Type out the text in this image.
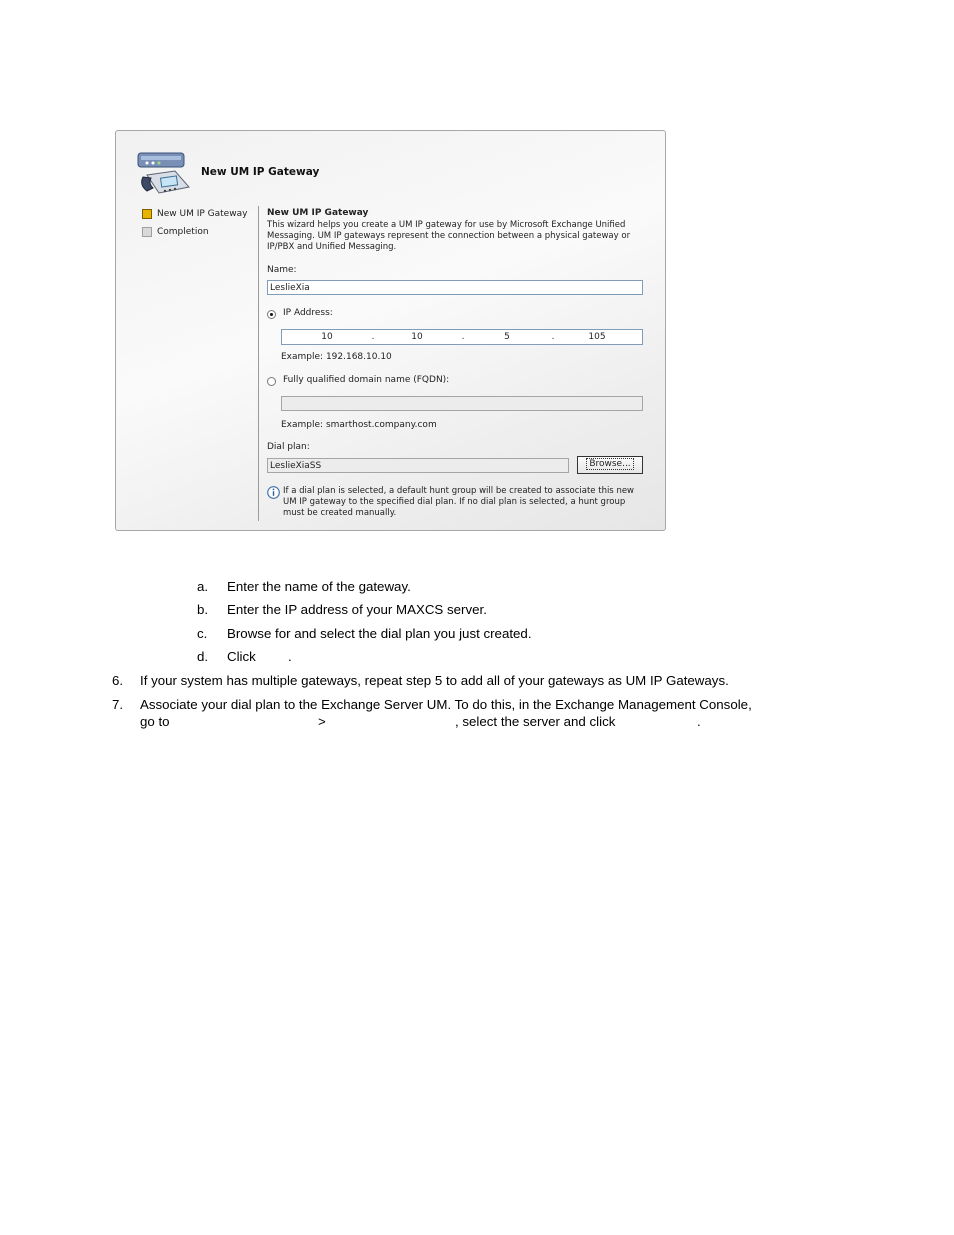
New UM IP Gateway
New UM IP Gateway
Completion
New UM IP Gateway
This wizard helps you create a UM IP gateway for use by Microsoft Exchange Unified Messaging. UM IP gateways represent the connection between a physical gateway or IP/PBX and Unified Messaging.
Name:
LeslieXia
IP Address:
10	.	10	.	5	.	105
Example: 192.168.10.10
Fully qualified domain name (FQDN):
Example: smarthost.company.com
Dial plan:
LeslieXiaSS	Browse...
If a dial plan is selected, a default hunt group will be created to associate this new UM IP gateway to the specified dial plan. If no dial plan is selected, a hunt group must be created manually.
a. Enter the name of the gateway.
b. Enter the IP address of your MAXCS server.
c. Browse for and select the dial plan you just created.
d. Click .
6. If your system has multiple gateways, repeat step 5 to add all of your gateways as UM IP Gateways.
7. Associate your dial plan to the Exchange Server UM. To do this, in the Exchange Management Console,
go to	>	, select the server and click	.
